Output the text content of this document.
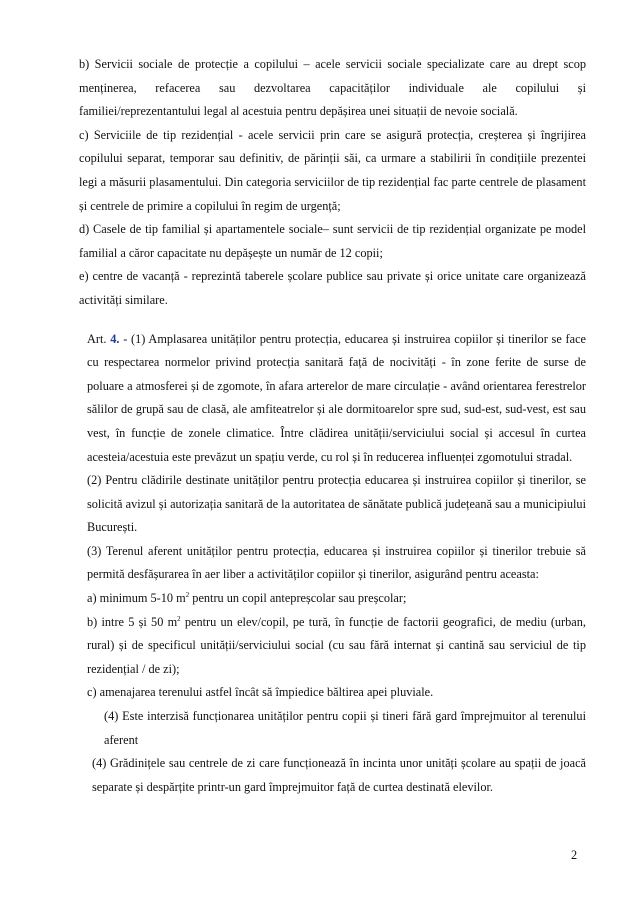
b) Servicii sociale de protecție a copilului – acele servicii sociale specializate care au drept scop menținerea, refacerea sau dezvoltarea capacităților individuale ale copilului și familiei/reprezentantului legal al acestuia pentru depășirea unei situații de nevoie socială.

c) Serviciile de tip rezidențial - acele servicii prin care se asigură protecția, creșterea și îngrijirea copilului separat, temporar sau definitiv, de părinții săi, ca urmare a stabilirii în condițiile prezentei legi a măsurii plasamentului. Din categoria serviciilor de tip rezidențial fac parte centrele de plasament și centrele de primire a copilului în regim de urgență;

d) Casele de tip familial și apartamentele sociale– sunt servicii de tip rezidențial organizate pe model familial a căror capacitate nu depășește un număr de 12 copii;

e) centre de vacanță - reprezintă taberele școlare publice sau private și orice unitate care organizează activități similare.

Art. 4. - (1) Amplasarea unităților pentru protecția, educarea și instruirea copiilor și tinerilor se face cu respectarea normelor privind protecția sanitară față de nocivități - în zone ferite de surse de poluare a atmosferei și de zgomote, în afara arterelor de mare circulație - având orientarea ferestrelor sălilor de grupă sau de clasă, ale amfiteatrelor și ale dormitoarelor spre sud, sud-est, sud-vest, est sau vest, în funcție de zonele climatice. Între clădirea unității/serviciului social și accesul în curtea acesteia/acestuia este prevăzut un spațiu verde, cu rol și în reducerea influenței zgomotului stradal.

(2) Pentru clădirile destinate unităților pentru protecția educarea și instruirea copiilor și tinerilor, se solicită avizul și autorizația sanitară de la autoritatea de sănătate publică județeană sau a municipiului București.

(3) Terenul aferent unităților pentru protecția, educarea și instruirea copiilor și tinerilor trebuie să permită desfășurarea în aer liber a activităților copiilor și tinerilor, asigurând pentru aceasta:

a) minimum 5-10 $m^2$ pentru un copil antepreșcolar sau preșcolar;

b) intre 5 și 50 $m^2$ pentru un elev/copil, pe tură, în funcție de factorii geografici, de mediu (urban, rural) și de specificul unității/serviciului social (cu sau fără internat și cantină sau serviciul de tip rezidențial / de zi);

c) amenajarea terenului astfel încât să împiedice băltirea apei pluviale.

(4) Este interzisă funcționarea unităților pentru copii și tineri fără gard împrejmuitor al terenului aferent

(4) Grădinițele sau centrele de zi care funcționează în incinta unor unități școlare au spații de joacă separate și despărțite printr-un gard împrejmuitor față de curtea destinată elevilor.

2
